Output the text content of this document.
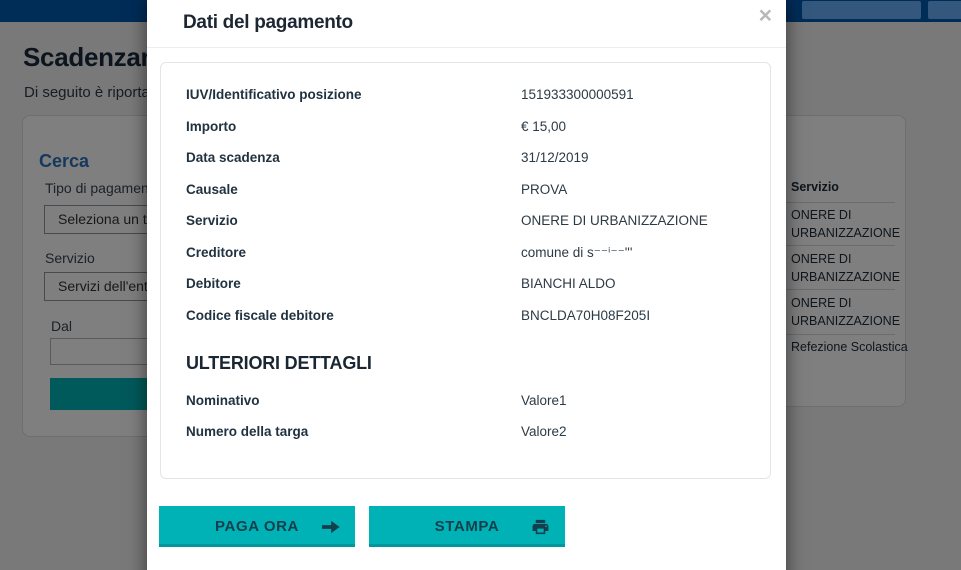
Dati del pagamento	×
IUV/Identificativo posizione	151933300000591
Importo	€ 15,00
Data scadenza	31/12/2019
Causale	PROVA
Servizio	ONERE DI URBANIZZAZIONE
Creditore	comune di s⁻⁻ⁱ⁻⁻'''
Debitore	BIANCHI ALDO
Codice fiscale debitore	BNCLDA70H08F205I
ULTERIORI DETTAGLI
Nominativo	Valore1
Numero della targa	Valore2
PAGA ORA	STAMPA
